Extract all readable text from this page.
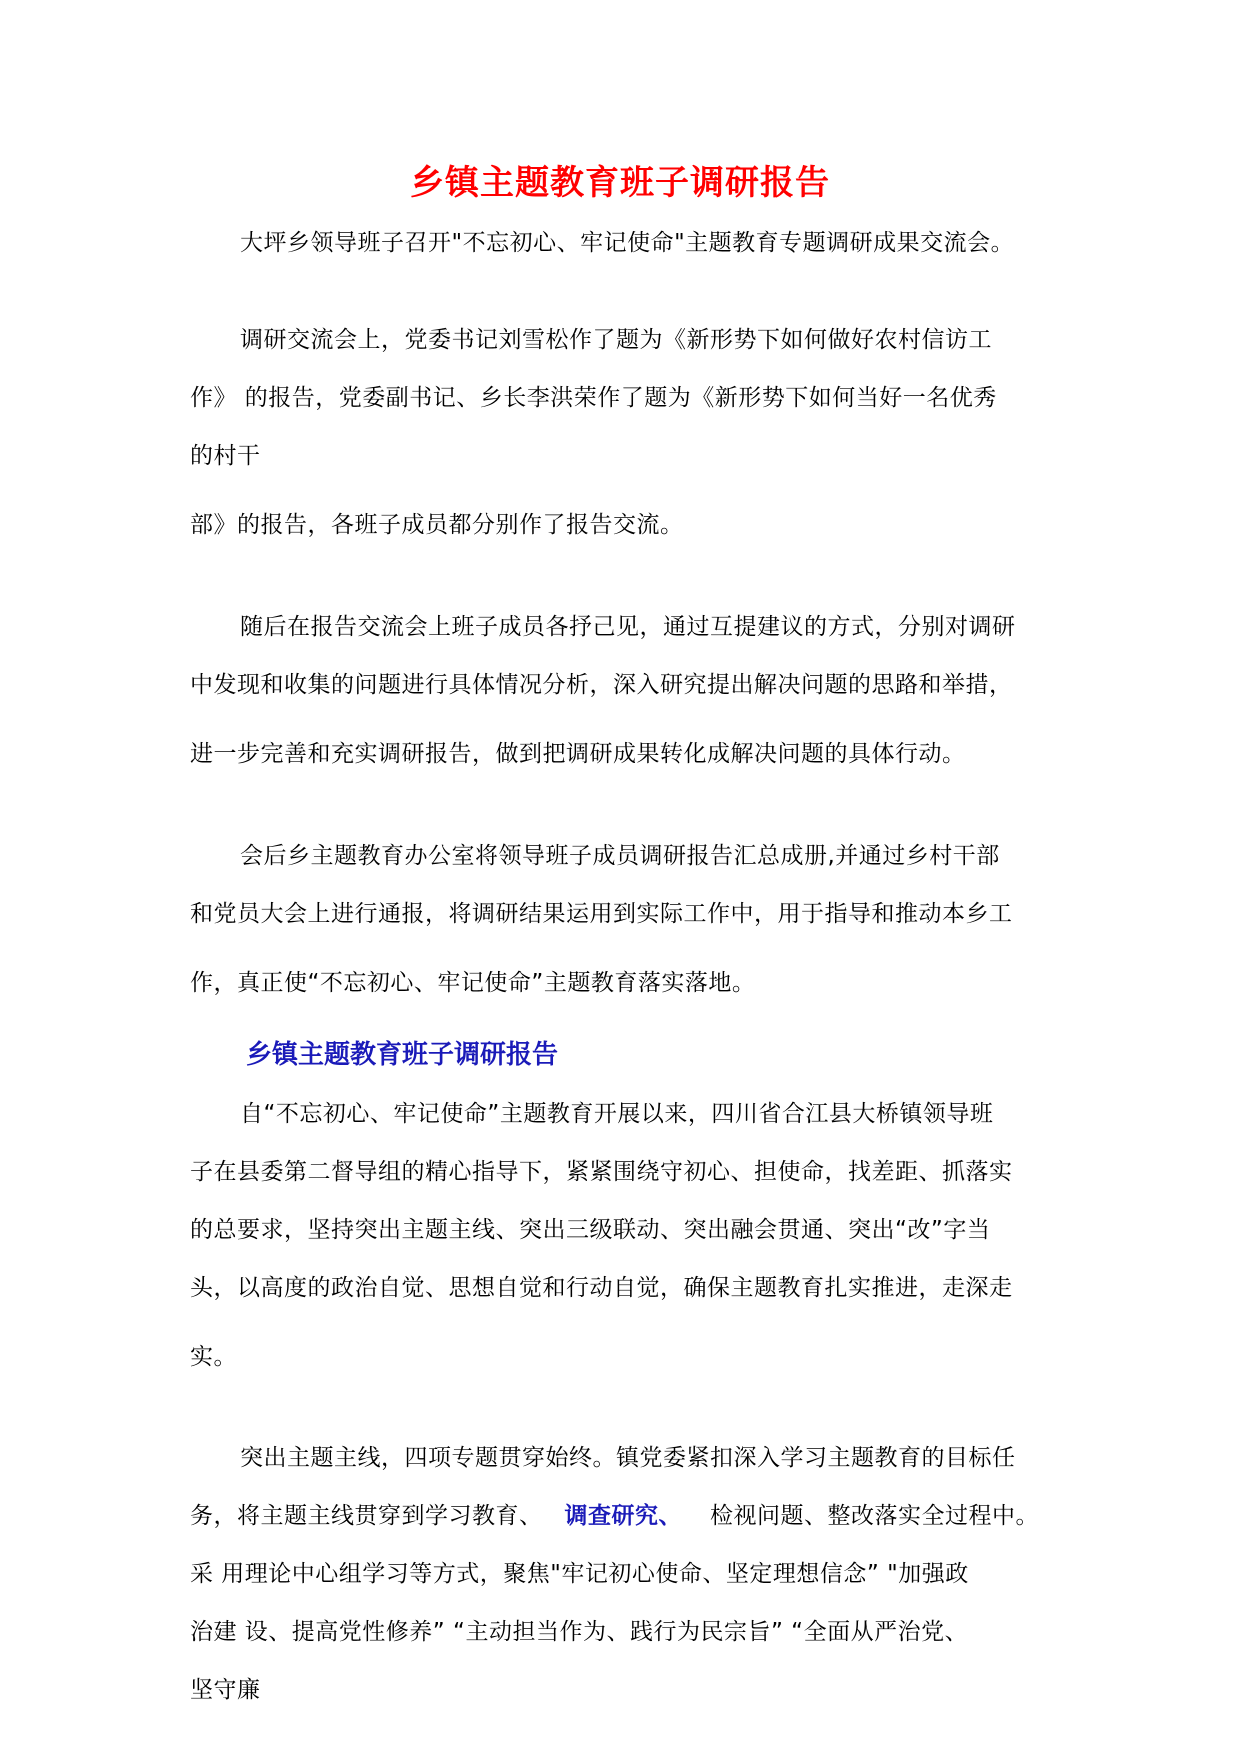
乡镇主题教育班子调研报告
大坪乡领导班子召开"不忘初心、牢记使命"主题教育专题调研成果交流会。
调研交流会上，党委书记刘雪松作了题为《新形势下如何做好农村信访工
作》 的报告，党委副书记、乡长李洪荣作了题为《新形势下如何当好一名优秀
的村干
部》的报告，各班子成员都分别作了报告交流。
随后在报告交流会上班子成员各抒己见，通过互提建议的方式，分别对调研
中发现和收集的问题进行具体情况分析，深入研究提出解决问题的思路和举措，
进一步完善和充实调研报告，做到把调研成果转化成解决问题的具体行动。
会后乡主题教育办公室将领导班子成员调研报告汇总成册,并通过乡村干部
和党员大会上进行通报，将调研结果运用到实际工作中，用于指导和推动本乡工
作，真正使“不忘初心、牢记使命”主题教育落实落地。
乡镇主题教育班子调研报告
自“不忘初心、牢记使命”主题教育开展以来，四川省合江县大桥镇领导班
子在县委第二督导组的精心指导下，紧紧围绕守初心、担使命，找差距、抓落实
的总要求，坚持突出主题主线、突出三级联动、突出融会贯通、突出“改”字当
头，以高度的政治自觉、思想自觉和行动自觉，确保主题教育扎实推进，走深走
实。
突出主题主线，四项专题贯穿始终。镇党委紧扣深入学习主题教育的目标任
务，将主题主线贯穿到学习教育、 调查研究、 检视问题、整改落实全过程中。
采 用理论中心组学习等方式，聚焦"牢记初心使命、坚定理想信念” "加强政
治建 设、提高党性修养” “主动担当作为、践行为民宗旨” “全面从严治党、
坚守廉
